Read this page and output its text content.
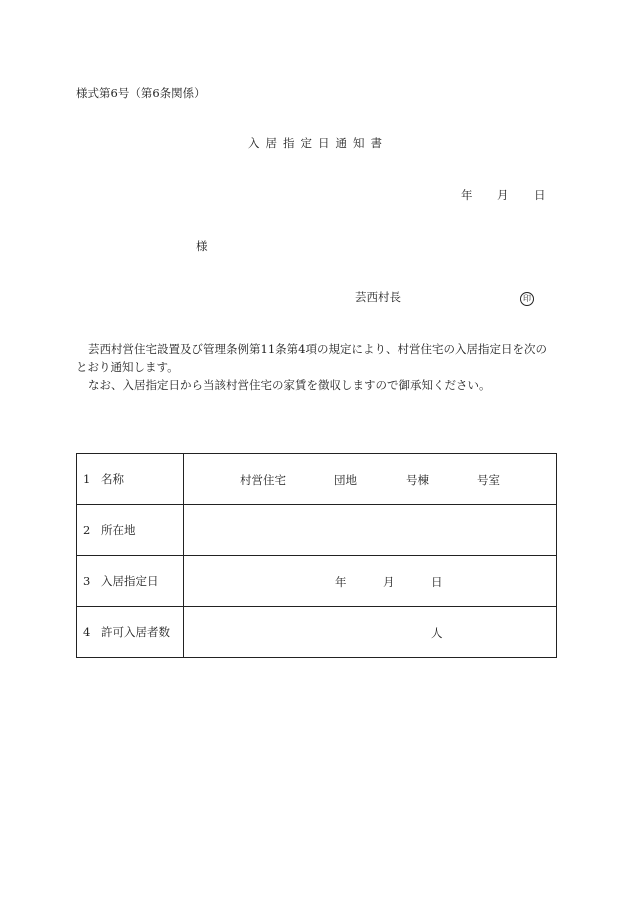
様式第6号（第6条関係）
入居指定日通知書
年 月 日
様
芸西村長	印
芸西村営住宅設置及び管理条例第11条第4項の規定により、村営住宅の入居指定日を次の
とおり通知します。
なお、入居指定日から当該村営住宅の家賃を徴収しますので御承知ください。
1 名称	村営住宅 団地 号棟 号室

2 所在地	

3 入居指定日	年 月 日

4 許可入居者数	人
